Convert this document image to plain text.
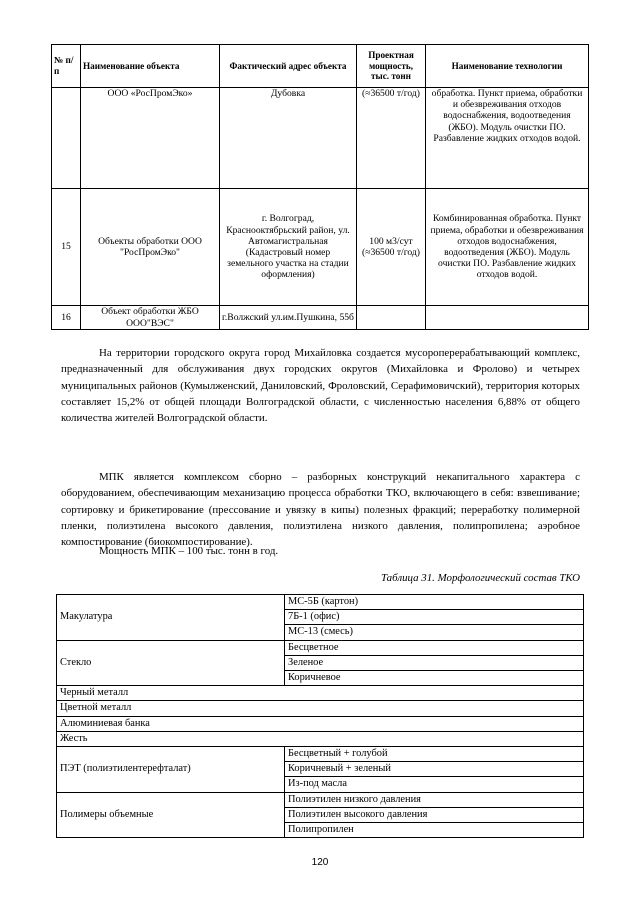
№ п/п	Наименование объекта	Фактический адрес объекта	Проектная мощность, тыс. тонн	Наименование технологии
	ООО «РосПромЭко»	Дубовка	(≈36500 т/год)	обработка. Пункт приема, обработки и обезвреживания отходов водоснабжения, водоотведения (ЖБО). Модуль очистки ПО. Разбавление жидких отходов водой.
15	Объекты обработки ООО "РосПромЭко"	г. Волгоград, Краснооктябрьский район, ул. Автомагистральная (Кадастровый номер земельного участка на стадии оформления)	100 м3/сут (≈36500 т/год)	Комбинированная обработка. Пункт приема, обработки и обезвреживания отходов водоснабжения, водоотведения (ЖБО). Модуль очистки ПО. Разбавление жидких отходов водой.
16	Объект обработки ЖБО ООО"ВЭС"	г.Волжский ул.им.Пушкина, 55б		

На территории городского округа город Михайловка создается мусороперерабатывающий комплекс, предназначенный для обслуживания двух городских округов (Михайловка и Фролово) и четырех муниципальных районов (Кумылженский, Даниловский, Фроловский, Серафимовичский), территория которых составляет 15,2% от общей площади Волгоградской области, с численностью населения 6,88% от общего количества жителей Волгоградской области.

МПК является комплексом сборно – разборных конструкций некапитального характера с оборудованием, обеспечивающим механизацию процесса обработки ТКО, включающего в себя: взвешивание; сортировку и брикетирование (прессование и увязку в кипы) полезных фракций; переработку полимерной пленки, полиэтилена высокого давления, полиэтилена низкого давления, полипропилена; аэробное компостирование (биокомпостирование).

Мощность МПК – 100 тыс. тонн в год.

Таблица 31. Морфологический состав ТКО

Макулатура	МС-5Б (картон)
	7Б-1 (офис)
	МС-13 (смесь)
Стекло	Бесцветное
	Зеленое
	Коричневое
Черный металл	
Цветной металл	
Алюминиевая банка	
Жесть	
ПЭТ (полиэтилентерефталат)	Бесцветный + голубой
	Коричневый + зеленый
	Из-под масла
Полимеры объемные	Полиэтилен низкого давления
	Полиэтилен высокого давления
	Полипропилен
120
